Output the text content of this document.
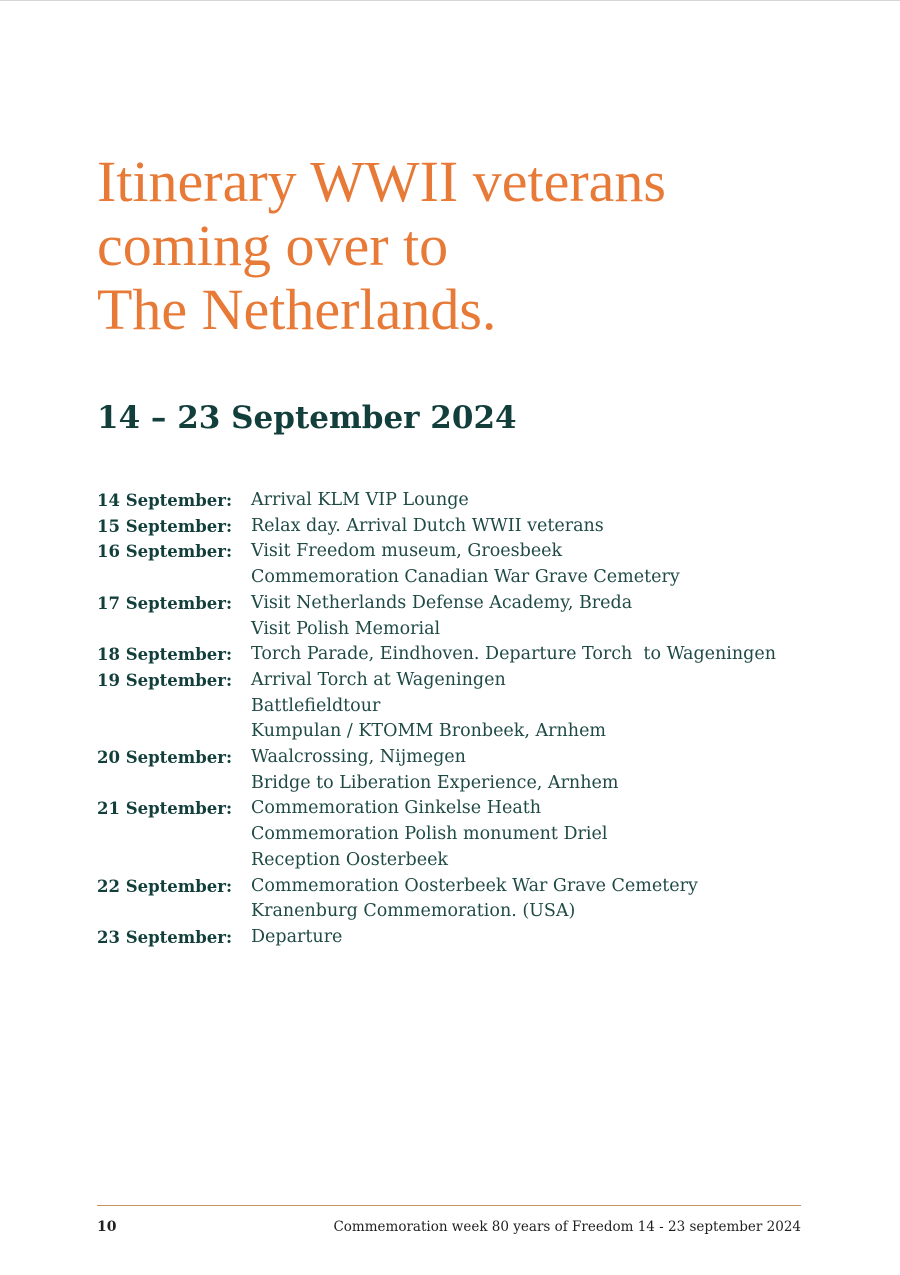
Itinerary WWII veterans
coming over to
The Netherlands.
14 – 23 September 2024
14 September:	Arrival KLM VIP Lounge
15 September:	Relax day. Arrival Dutch WWII veterans
16 September:	Visit Freedom museum, Groesbeek
Commemoration Canadian War Grave Cemetery
17 September:	Visit Netherlands Defense Academy, Breda
Visit Polish Memorial
18 September:	Torch Parade, Eindhoven. Departure Torch  to Wageningen
19 September:	Arrival Torch at Wageningen
Battlefieldtour
Kumpulan / KTOMM Bronbeek, Arnhem
20 September:	Waalcrossing, Nijmegen
Bridge to Liberation Experience, Arnhem
21 September:	Commemoration Ginkelse Heath
Commemoration Polish monument Driel
Reception Oosterbeek
22 September:	Commemoration Oosterbeek War Grave Cemetery
Kranenburg Commemoration. (USA)
23 September:	Departure
10	Commemoration week 80 years of Freedom 14 - 23 september 2024
